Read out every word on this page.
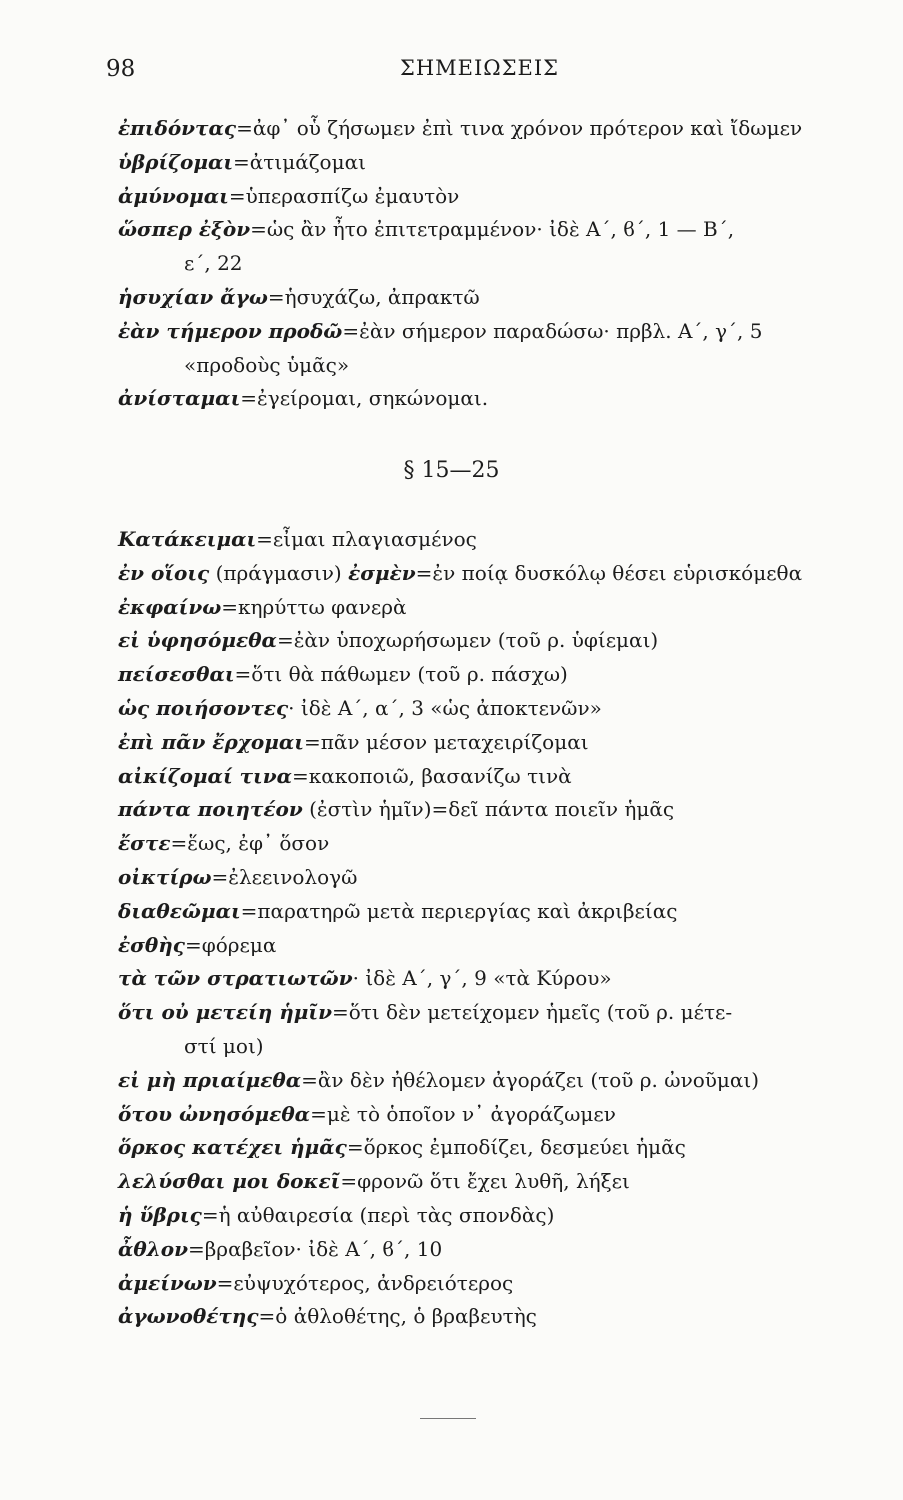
98	ΣΗΜΕΙΩΣΕΙΣ
ἐπιδόντας=ἀφ᾽ οὗ ζήσωμεν ἐπὶ τινα χρόνον πρότερον καὶ ἴδωμεν
ὑβρίζομαι=ἀτιμάζομαι
ἀμύνομαι=ὑπερασπίζω ἐμαυτὸν
ὥσπερ ἐξὸν=ὡς ἂν ἦτο ἐπιτετραμμένον· ἰδὲ Α΄, ϐ΄, 1 — Β΄,
ε΄, 22
ἡσυχίαν ἄγω=ἡσυχάζω, ἀπρακτῶ
ἐὰν τήμερον προδῶ=ἐὰν σήμερον παραδώσω· πρβλ. Α΄, γ΄, 5
«προδοὺς ὑμᾶς»
ἀνίσταμαι=ἐγείρομαι, σηκώνομαι.
§ 15—25
Κατάκειμαι=εἶμαι πλαγιασμένος
ἐν οἵοις (πράγμασιν) ἐσμὲν=ἐν ποίᾳ δυσκόλῳ θέσει εὑρισκόμεθα
ἐκφαίνω=κηρύττω φανερὰ
εἰ ὑφησόμεθα=ἐὰν ὑποχωρήσωμεν (τοῦ ρ. ὑφίεμαι)
πείσεσθαι=ὅτι θὰ πάθωμεν (τοῦ ρ. πάσχω)
ὡς ποιήσοντες· ἰδὲ Α΄, α΄, 3 «ὡς ἀποκτενῶν»
ἐπὶ πᾶν ἔρχομαι=πᾶν μέσον μεταχειρίζομαι
αἰκίζομαί τινα=κακοποιῶ, βασανίζω τινὰ
πάντα ποιητέον (ἐστὶν ἡμῖν)=δεῖ πάντα ποιεῖν ἡμᾶς
ἔστε=ἕως, ἐφ᾽ ὅσον
οἰκτίρω=ἐλεεινολογῶ
διαθεῶμαι=παρατηρῶ μετὰ περιεργίας καὶ ἀκριβείας
ἐσθὴς=φόρεμα
τὰ τῶν στρατιωτῶν· ἰδὲ Α΄, γ΄, 9 «τὰ Κύρου»
ὅτι οὐ μετείη ἡμῖν=ὅτι δὲν μετείχομεν ἡμεῖς (τοῦ ρ. μέτε-
στί μοι)
εἰ μὴ πριαίμεθα=ἂν δὲν ἠθέλομεν ἀγοράζει (τοῦ ρ. ὠνοῦμαι)
ὅτου ὠνησόμεθα=μὲ τὸ ὁποῖον ν᾽ ἀγοράζωμεν
ὅρκος κατέχει ἡμᾶς=ὅρκος ἐμποδίζει, δεσμεύει ἡμᾶς
λελύσθαι μοι δοκεῖ=φρονῶ ὅτι ἔχει λυθῆ, λήξει
ἡ ὕβρις=ἡ αὐθαιρεσία (περὶ τὰς σπονδὰς)
ἆθλον=βραβεῖον· ἰδὲ Α΄, ϐ΄, 10
ἀμείνων=εὐψυχότερος, ἀνδρειότερος
ἀγωνοθέτης=ὁ ἀθλοθέτης, ὁ βραβευτὴς
